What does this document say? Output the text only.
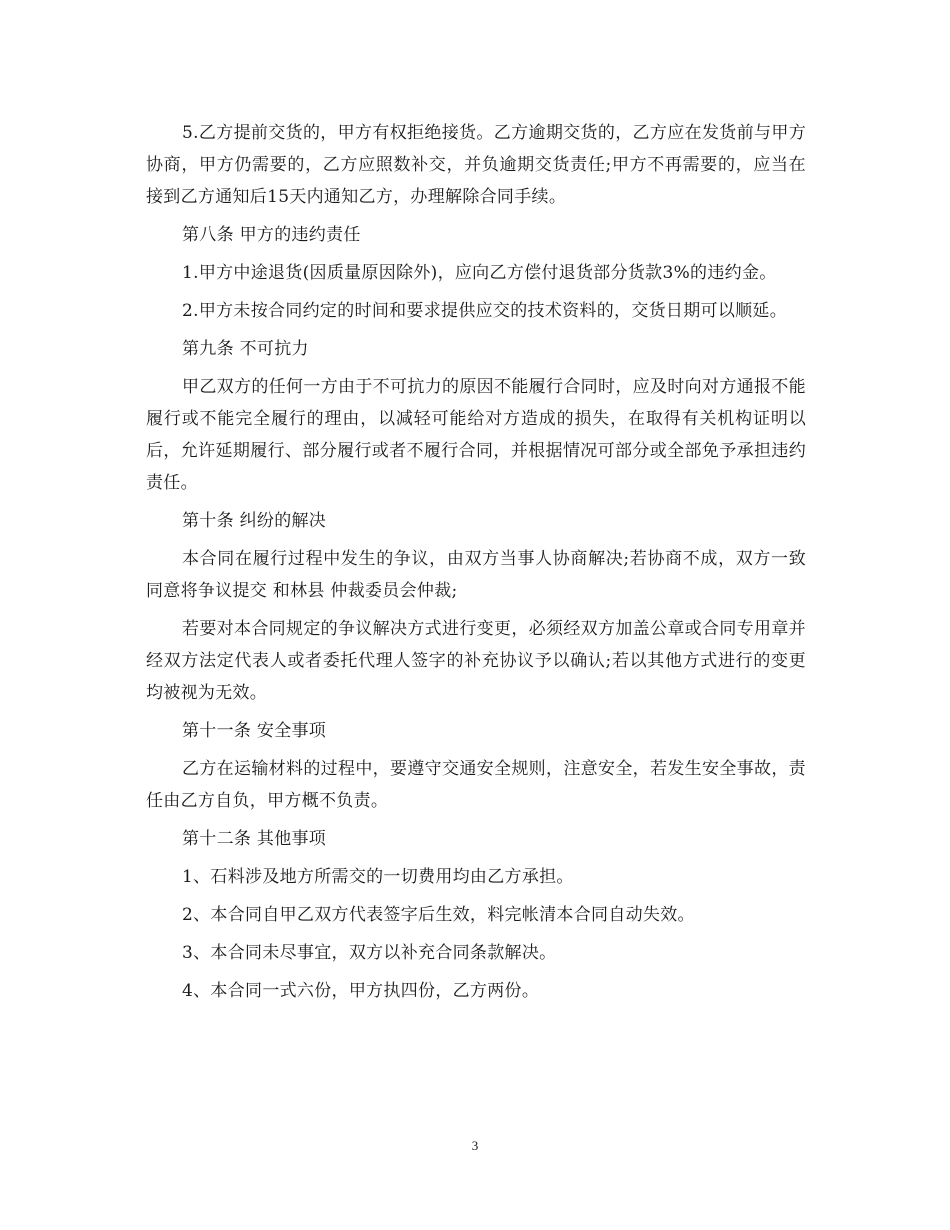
5.乙方提前交货的，甲方有权拒绝接货。乙方逾期交货的，乙方应在发货前与甲方协商，甲方仍需要的，乙方应照数补交，并负逾期交货责任;甲方不再需要的，应当在接到乙方通知后15天内通知乙方，办理解除合同手续。

第八条 甲方的违约责任

1.甲方中途退货(因质量原因除外)，应向乙方偿付退货部分货款3%的违约金。

2.甲方未按合同约定的时间和要求提供应交的技术资料的，交货日期可以顺延。

第九条 不可抗力

甲乙双方的任何一方由于不可抗力的原因不能履行合同时，应及时向对方通报不能履行或不能完全履行的理由，以减轻可能给对方造成的损失，在取得有关机构证明以后，允许延期履行、部分履行或者不履行合同，并根据情况可部分或全部免予承担违约责任。

第十条 纠纷的解决

本合同在履行过程中发生的争议，由双方当事人协商解决;若协商不成，双方一致同意将争议提交 和林县 仲裁委员会仲裁;

若要对本合同规定的争议解决方式进行变更，必须经双方加盖公章或合同专用章并经双方法定代表人或者委托代理人签字的补充协议予以确认;若以其他方式进行的变更均被视为无效。

第十一条 安全事项

乙方在运输材料的过程中，要遵守交通安全规则，注意安全，若发生安全事故，责任由乙方自负，甲方概不负责。

第十二条 其他事项

1、石料涉及地方所需交的一切费用均由乙方承担。

2、本合同自甲乙双方代表签字后生效，料完帐清本合同自动失效。

3、本合同未尽事宜，双方以补充合同条款解决。

4、本合同一式六份，甲方执四份，乙方两份。

3
